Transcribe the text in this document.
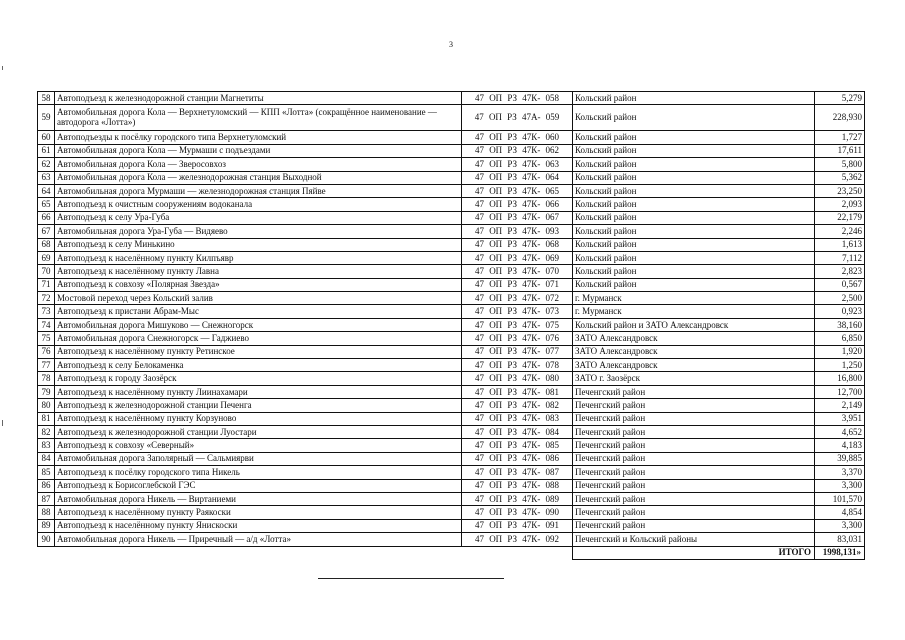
3
58	Автоподъезд к железнодорожной станции Магнетиты	47 ОП РЗ 47К- 058	Кольский район	5,279
59	Автомобильная дорога Кола — Верхнетуломский — КПП «Лотта» (сокращённое наименование — автодорога «Лотта»)	47 ОП РЗ 47А- 059	Кольский район	228,930
60	Автоподъезды к посёлку городского типа Верхнетуломский	47 ОП РЗ 47К- 060	Кольский район	1,727
61	Автомобильная дорога Кола — Мурмаши с подъездами	47 ОП РЗ 47К- 062	Кольский район	17,611
62	Автомобильная дорога Кола — Зверосовхоз	47 ОП РЗ 47К- 063	Кольский район	5,800
63	Автомобильная дорога Кола — железнодорожная станция Выходной	47 ОП РЗ 47К- 064	Кольский район	5,362
64	Автомобильная дорога Мурмаши — железнодорожная станция Пяйве	47 ОП РЗ 47К- 065	Кольский район	23,250
65	Автоподъезд к очистным сооружениям водоканала	47 ОП РЗ 47К- 066	Кольский район	2,093
66	Автоподъезд к селу Ура-Губа	47 ОП РЗ 47К- 067	Кольский район	22,179
67	Автомобильная дорога Ура-Губа — Видяево	47 ОП РЗ 47К- 093	Кольский район	2,246
68	Автоподъезд к селу Минькино	47 ОП РЗ 47К- 068	Кольский район	1,613
69	Автоподъезд к населённому пункту Килпъявр	47 ОП РЗ 47К- 069	Кольский район	7,112
70	Автоподъезд к населённому пункту Лавна	47 ОП РЗ 47К- 070	Кольский район	2,823
71	Автоподъезд к совхозу «Полярная Звезда»	47 ОП РЗ 47К- 071	Кольский район	0,567
72	Мостовой переход через Кольский залив	47 ОП РЗ 47К- 072	г. Мурманск	2,500
73	Автоподъезд к пристани Абрам-Мыс	47 ОП РЗ 47К- 073	г. Мурманск	0,923
74	Автомобильная дорога Мишуково — Снежногорск	47 ОП РЗ 47К- 075	Кольский район и ЗАТО Александровск	38,160
75	Автомобильная дорога Снежногорск — Гаджиево	47 ОП РЗ 47К- 076	ЗАТО Александровск	6,850
76	Автоподъезд к населённому пункту Ретинское	47 ОП РЗ 47К- 077	ЗАТО Александровск	1,920
77	Автоподъезд к селу Белокаменка	47 ОП РЗ 47К- 078	ЗАТО Александровск	1,250
78	Автоподъезд к городу Заозёрск	47 ОП РЗ 47К- 080	ЗАТО г. Заозёрск	16,800
79	Автоподъезд к населённому пункту Лиинахамари	47 ОП РЗ 47К- 081	Печенгский район	12,700
80	Автоподъезд к железнодорожной станции Печенга	47 ОП РЗ 47К- 082	Печенгский район	2,149
81	Автоподъезд к населённому пункту Корзуново	47 ОП РЗ 47К- 083	Печенгский район	3,951
82	Автоподъезд к железнодорожной станции Луостари	47 ОП РЗ 47К- 084	Печенгский район	4,652
83	Автоподъезд к совхозу «Северный»	47 ОП РЗ 47К- 085	Печенгский район	4,183
84	Автомобильная дорога Заполярный — Сальмиярви	47 ОП РЗ 47К- 086	Печенгский район	39,885
85	Автоподъезд к посёлку городского типа Никель	47 ОП РЗ 47К- 087	Печенгский район	3,370
86	Автоподъезд к Борисоглебской ГЭС	47 ОП РЗ 47К- 088	Печенгский район	3,300
87	Автомобильная дорога Никель — Виртаниеми	47 ОП РЗ 47К- 089	Печенгский район	101,570
88	Автоподъезд к населённому пункту Раякоски	47 ОП РЗ 47К- 090	Печенгский район	4,854
89	Автоподъезд к населённому пункту Янискоски	47 ОП РЗ 47К- 091	Печенгский район	3,300
90	Автомобильная дорога Никель — Приречный — а/д «Лотта»	47 ОП РЗ 47К- 092	Печенгский и Кольский районы	83,031
			ИТОГО	1998,131»
